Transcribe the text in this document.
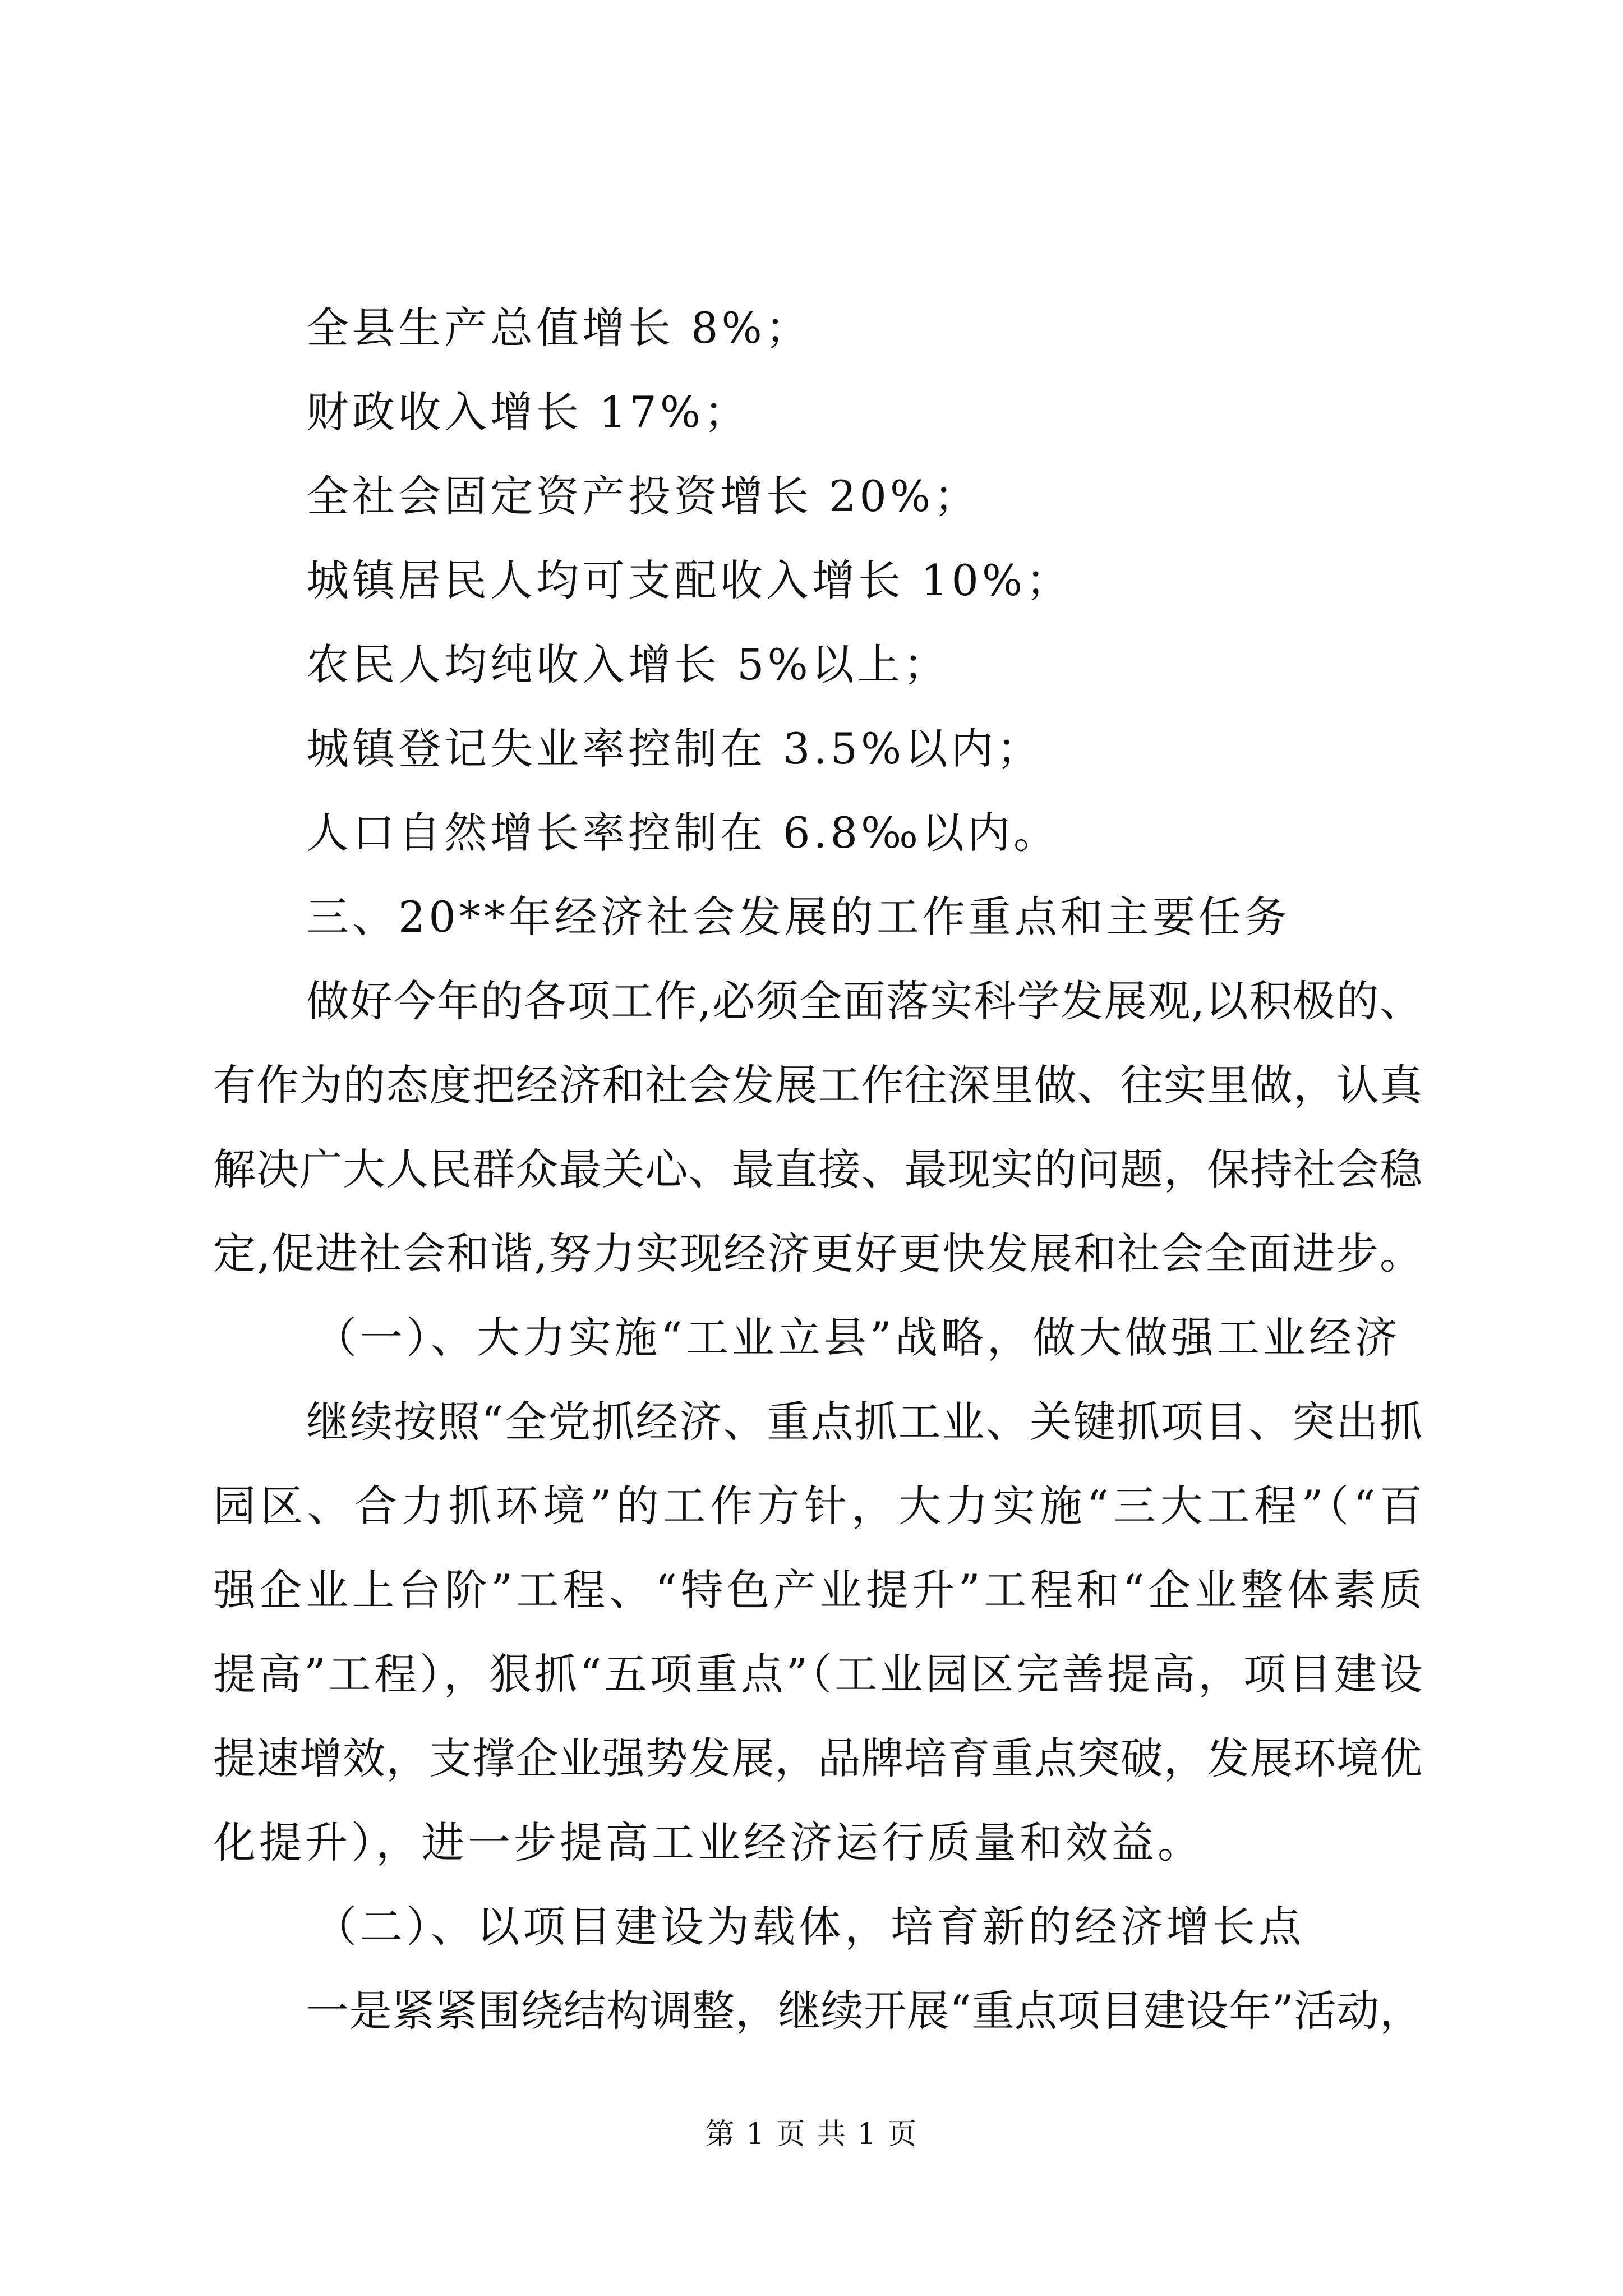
全县生产总值增长 8%；
财政收入增长 17%；
全社会固定资产投资增长 20%；
城镇居民人均可支配收入增长 10%；
农民人均纯收入增长 5%以上；
城镇登记失业率控制在 3.5%以内；
人口自然增长率控制在 6.8‰以内。
三、20**年经济社会发展的工作重点和主要任务
做好今年的各项工作,必须全面落实科学发展观,以积极的、
有作为的态度把经济和社会发展工作往深里做、往实里做，认真
解决广大人民群众最关心、最直接、最现实的问题，保持社会稳
定,促进社会和谐,努力实现经济更好更快发展和社会全面进步。
（一）、大力实施“工业立县”战略，做大做强工业经济
继续按照“全党抓经济、重点抓工业、关键抓项目、突出抓
园区、合力抓环境”的工作方针，大力实施“三大工程”（“百
强企业上台阶”工程、“特色产业提升”工程和“企业整体素质
提高”工程），狠抓“五项重点”（工业园区完善提高，项目建设
提速增效，支撑企业强势发展，品牌培育重点突破，发展环境优
化提升），进一步提高工业经济运行质量和效益。
（二）、以项目建设为载体，培育新的经济增长点
一是紧紧围绕结构调整，继续开展“重点项目建设年”活动，
第 1 页 共 1 页
